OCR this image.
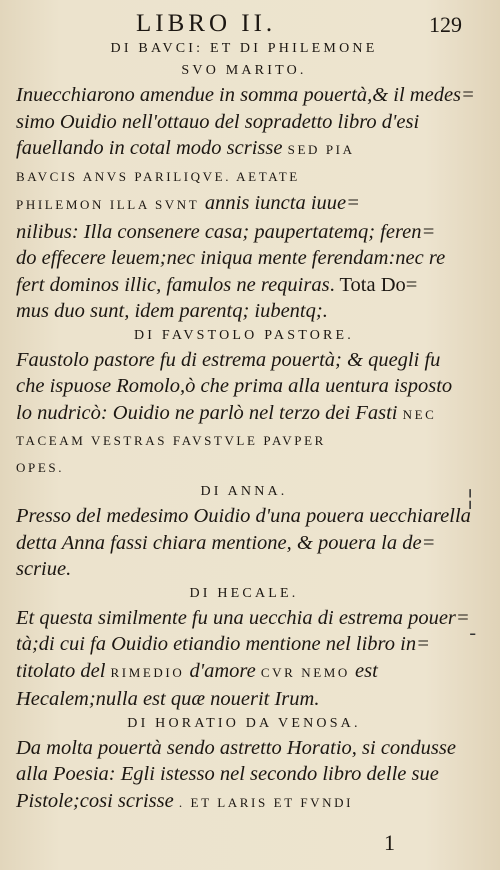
LIBRO II.	129
DI BAVCI: ET DI PHILEMONE
SVO MARITO.
Inuecchiarono amendue in somma pouertà,& il medes=
simo Ouidio nell'ottauo del sopradetto libro d'esi
fauellando in cotal modo scrisse SED PIA
BAVCIS ANVS PARILIQVE. AETATE
PHILEMON ILLA SVNT annis iuncta iuue=
nilibus: Illa consenere casa; paupertatemq; feren=
do effecere leuem;nec iniqua mente ferendam:nec re
fert dominos illic, famulos ne requiras. Tota Do=
mus duo sunt, idem parentq; iubentq;.
DI FAVSTOLO PASTORE.
Faustolo pastore fu di estrema pouertà; & quegli fu
che ispuose Romolo,ò che prima alla uentura isposto
lo nudricò: Ouidio ne parlò nel terzo dei Fasti NEC
TACEAM VESTRAS FAVSTVLE PAVPER
OPES.
DI ANNA.
Presso del medesimo Ouidio d'una pouera uecchiarella
detta Anna fassi chiara mentione, & pouera la de=
scriue.
DI HECALE.
Et questa similmente fu una uecchia di estrema pouer=
tà;di cui fa Ouidio etiandio mentione nel libro in=
titolato del RIMEDIO d'amore CVR NEMO est
Hecalem;nulla est quæ nouerit Irum.
DI HORATIO DA VENOSA.
Da molta pouertà sendo astretto Horatio, si condusse
alla Poesia: Egli istesso nel secondo libro delle sue
Pistole;cosi scrisse . ET LARIS ET FVNDI
╎
-
1
